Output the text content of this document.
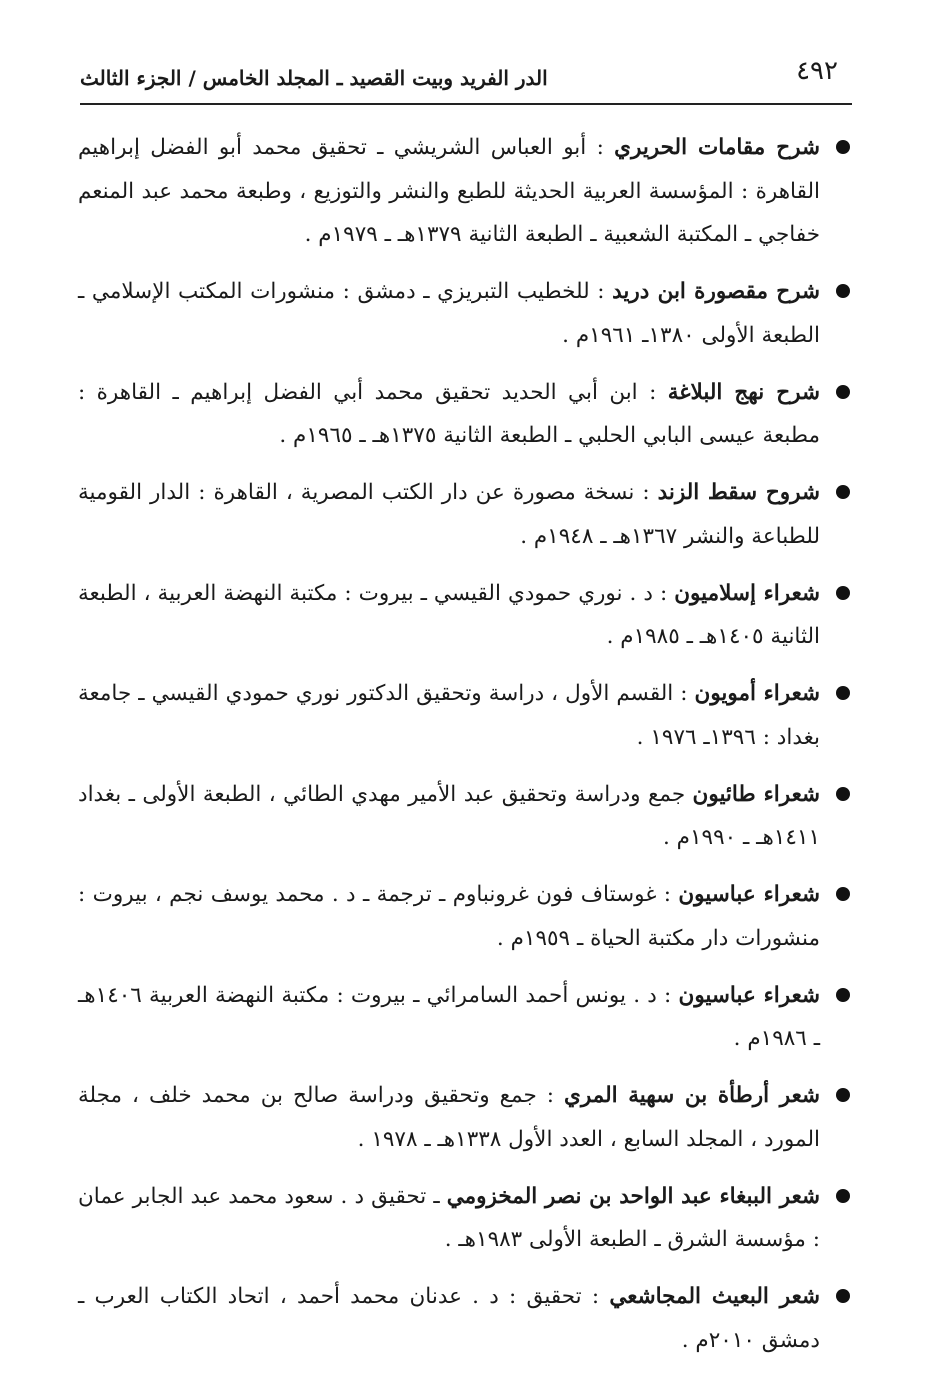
٤٩٢
الدر الفريد وبيت القصيد ـ المجلد الخامس / الجزء الثالث
شرح مقامات الحريري : أبو العباس الشريشي ـ تحقيق محمد أبو الفضل إبراهيم القاهرة : المؤسسة العربية الحديثة للطبع والنشر والتوزيع ، وطبعة محمد عبد المنعم خفاجي ـ المكتبة الشعبية ـ الطبعة الثانية ١٣٧٩هـ ـ ١٩٧٩م .
شرح مقصورة ابن دريد : للخطيب التبريزي ـ دمشق : منشورات المكتب الإسلامي ـ الطبعة الأولى ١٣٨٠ـ ١٩٦١م .
شرح نهج البلاغة : ابن أبي الحديد تحقيق محمد أبي الفضل إبراهيم ـ القاهرة : مطبعة عيسى البابي الحلبي ـ الطبعة الثانية ١٣٧٥هـ ـ ١٩٦٥م .
شروح سقط الزند : نسخة مصورة عن دار الكتب المصرية ، القاهرة : الدار القومية للطباعة والنشر ١٣٦٧هـ ـ ١٩٤٨م .
شعراء إسلاميون : د . نوري حمودي القيسي ـ بيروت : مكتبة النهضة العربية ، الطبعة الثانية ١٤٠٥هـ ـ ١٩٨٥م .
شعراء أمويون : القسم الأول ، دراسة وتحقيق الدكتور نوري حمودي القيسي ـ جامعة بغداد : ١٣٩٦ـ ١٩٧٦ .
شعراء طائيون جمع ودراسة وتحقيق عبد الأمير مهدي الطائي ، الطبعة الأولى ـ بغداد ١٤١١هـ ـ ١٩٩٠م .
شعراء عباسيون : غوستاف فون غرونباوم ـ ترجمة ـ د . محمد يوسف نجم ، بيروت : منشورات دار مكتبة الحياة ـ ١٩٥٩م .
شعراء عباسيون : د . يونس أحمد السامرائي ـ بيروت : مكتبة النهضة العربية ١٤٠٦هـ ـ ١٩٨٦م .
شعر أرطأة بن سهية المري : جمع وتحقيق ودراسة صالح بن محمد خلف ، مجلة المورد ، المجلد السابع ، العدد الأول ١٣٣٨هـ ـ ١٩٧٨ .
شعر الببغاء عبد الواحد بن نصر المخزومي ـ تحقيق د . سعود محمد عبد الجابر عمان : مؤسسة الشرق ـ الطبعة الأولى ١٩٨٣هـ .
شعر البعيث المجاشعي : تحقيق : د . عدنان محمد أحمد ، اتحاد الكتاب العرب ـ دمشق ٢٠١٠م .
